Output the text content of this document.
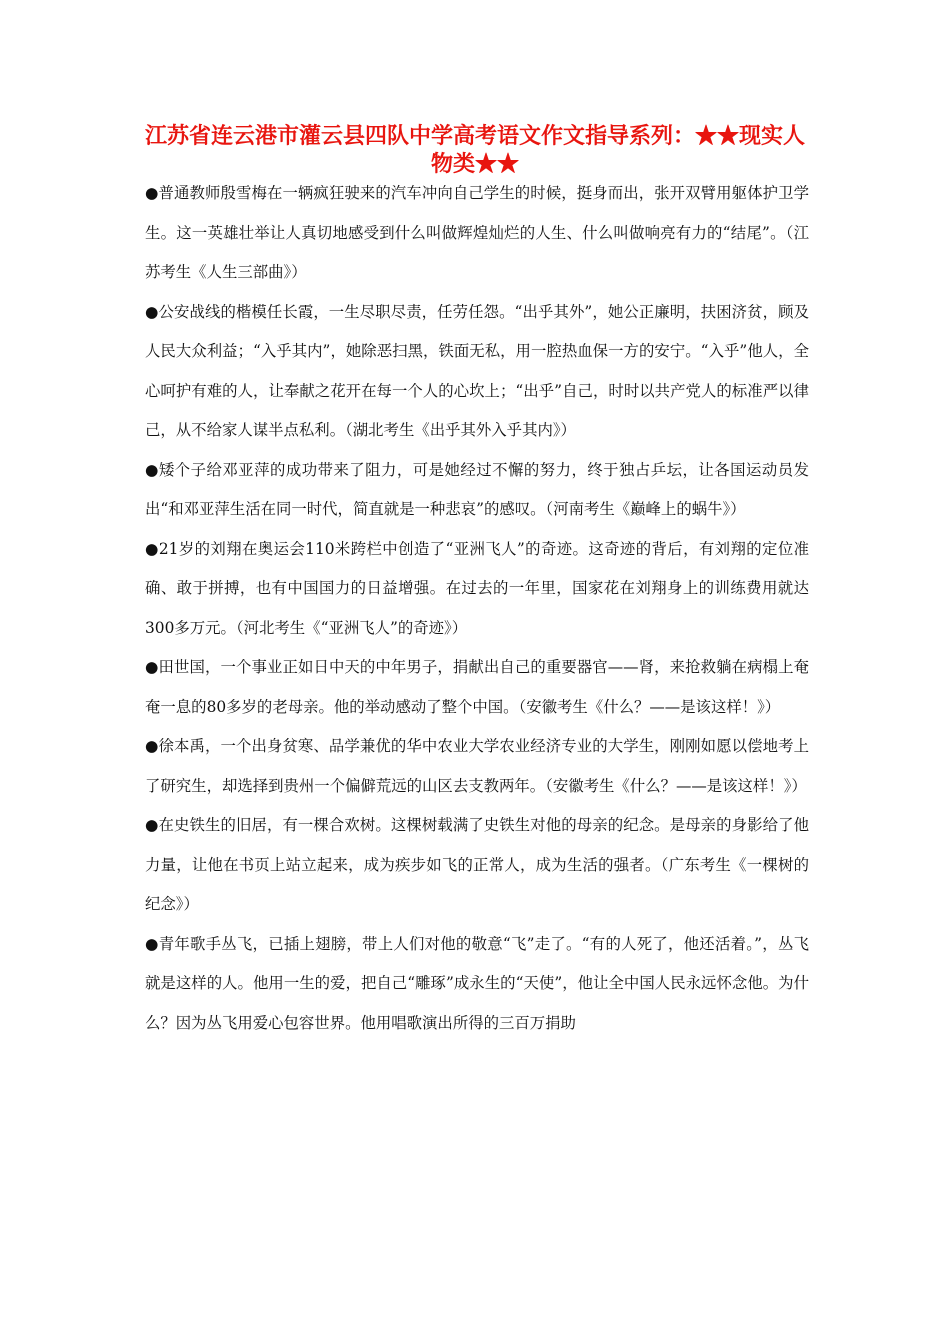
江苏省连云港市灌云县四队中学高考语文作文指导系列：★★现实人物类★★

●普通教师殷雪梅在一辆疯狂驶来的汽车冲向自己学生的时候，挺身而出，张开双臂用躯体护卫学生。这一英雄壮举让人真切地感受到什么叫做辉煌灿烂的人生、什么叫做响亮有力的“结尾”。（江苏考生《人生三部曲》）

●公安战线的楷模任长霞，一生尽职尽责，任劳任怨。“出乎其外”，她公正廉明，扶困济贫，顾及人民大众利益；“入乎其内”，她除恶扫黑，铁面无私，用一腔热血保一方的安宁。“入乎”他人，全心呵护有难的人，让奉献之花开在每一个人的心坎上；“出乎”自己，时时以共产党人的标准严以律己，从不给家人谋半点私利。（湖北考生《出乎其外入乎其内》）

●矮个子给邓亚萍的成功带来了阻力，可是她经过不懈的努力，终于独占乒坛，让各国运动员发出“和邓亚萍生活在同一时代，简直就是一种悲哀”的感叹。（河南考生《巅峰上的蜗牛》）

●21岁的刘翔在奥运会110米跨栏中创造了“亚洲飞人”的奇迹。这奇迹的背后，有刘翔的定位准确、敢于拼搏，也有中国国力的日益增强。在过去的一年里，国家花在刘翔身上的训练费用就达300多万元。（河北考生《“亚洲飞人”的奇迹》）

●田世国，一个事业正如日中天的中年男子，捐献出自己的重要器官——肾，来抢救躺在病榻上奄奄一息的80多岁的老母亲。他的举动感动了整个中国。（安徽考生《什么？——是该这样！》）

●徐本禹，一个出身贫寒、品学兼优的华中农业大学农业经济专业的大学生，刚刚如愿以偿地考上了研究生，却选择到贵州一个偏僻荒远的山区去支教两年。（安徽考生《什么？——是该这样！》）

●在史铁生的旧居，有一棵合欢树。这棵树载满了史铁生对他的母亲的纪念。是母亲的身影给了他力量，让他在书页上站立起来，成为疾步如飞的正常人，成为生活的强者。（广东考生《一棵树的纪念》）

●青年歌手丛飞，已插上翅膀，带上人们对他的敬意“飞”走了。“有的人死了，他还活着。”，丛飞就是这样的人。他用一生的爱，把自己“雕琢”成永生的“天使”，他让全中国人民永远怀念他。为什么？因为丛飞用爱心包容世界。他用唱歌演出所得的三百万捐助
